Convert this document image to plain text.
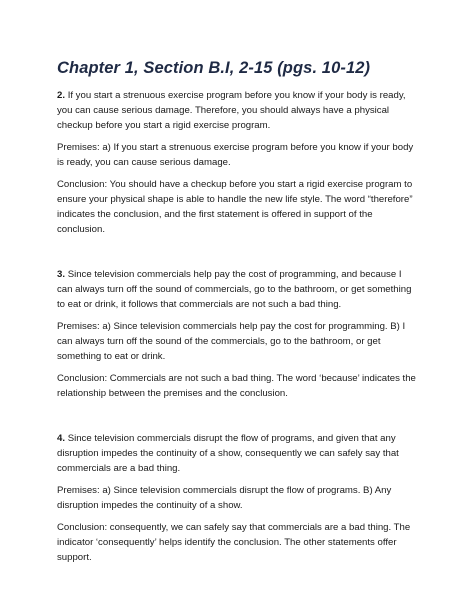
Chapter 1, Section B.I, 2-15 (pgs. 10-12)

2. If you start a strenuous exercise program before you know if your body is ready, you can cause serious damage. Therefore, you should always have a physical checkup before you start a rigid exercise program.

Premises: a) If you start a strenuous exercise program before you know if your body is ready, you can cause serious damage.

Conclusion: You should have a checkup before you start a rigid exercise program to ensure your physical shape is able to handle the new life style. The word “therefore” indicates the conclusion, and the first statement is offered in support of the conclusion.

3. Since television commercials help pay the cost of programming, and because I can always turn off the sound of commercials, go to the bathroom, or get something to eat or drink, it follows that commercials are not such a bad thing.

Premises: a) Since television commercials help pay the cost for programming. B) I can always turn off the sound of the commercials, go to the bathroom, or get something to eat or drink.

Conclusion: Commercials are not such a bad thing. The word ‘because’ indicates the relationship between the premises and the conclusion.

4. Since television commercials disrupt the flow of programs, and given that any disruption impedes the continuity of a show, consequently we can safely say that commercials are a bad thing.

Premises: a) Since television commercials disrupt the flow of programs. B) Any disruption impedes the continuity of a show.

Conclusion: consequently, we can safely say that commercials are a bad thing. The indicator ‘consequently’ helps identify the conclusion. The other statements offer support.
